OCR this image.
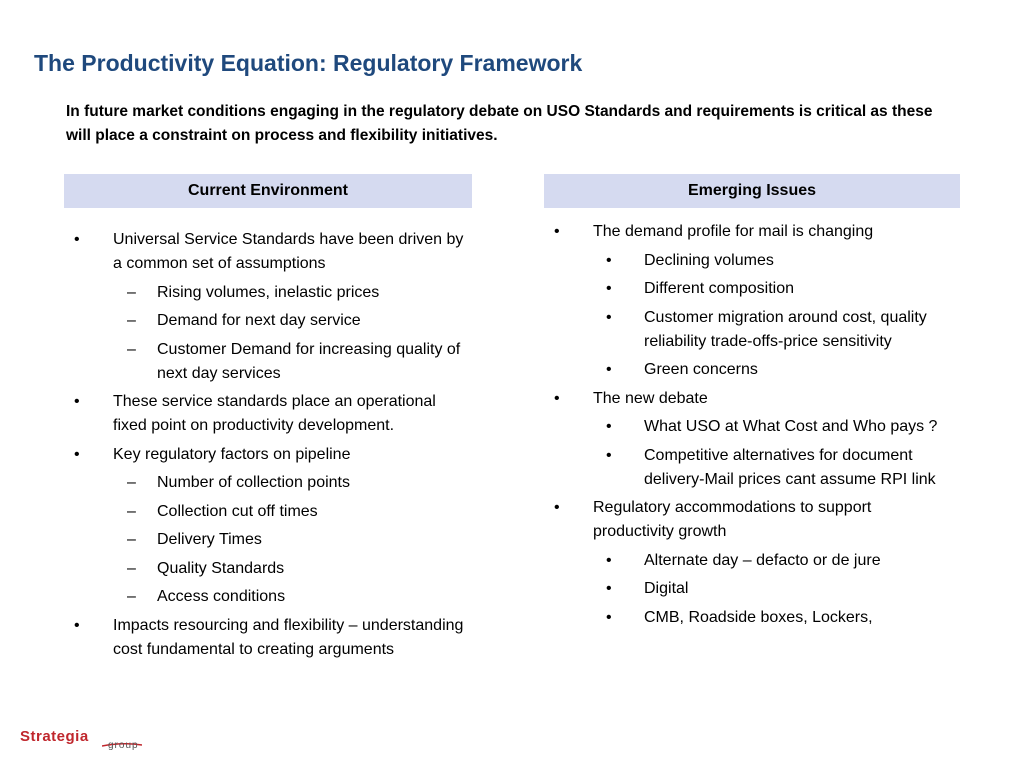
The Productivity Equation: Regulatory Framework
In future market conditions engaging in the regulatory debate on USO Standards and requirements is critical as these will place a constraint on process and flexibility initiatives.
Current Environment	Emerging Issues
• Universal Service Standards have been driven by a common set of assumptions
– Rising volumes, inelastic prices
– Demand for next day service
– Customer Demand for increasing quality of next day services
• These service standards place an operational fixed point on productivity development.
• Key regulatory factors on pipeline
– Number of collection points
– Collection cut off times
– Delivery Times
– Quality Standards
– Access conditions
• Impacts resourcing and flexibility – understanding cost fundamental to creating arguments
• The demand profile for mail is changing
• Declining volumes
• Different composition
• Customer migration around cost, quality reliability trade-offs-price sensitivity
• Green concerns
• The new debate
• What USO at What Cost and Who pays ?
• Competitive alternatives for document delivery-Mail prices cant assume RPI link
• Regulatory accommodations to support productivity growth
• Alternate day – defacto or de jure
• Digital
• CMB, Roadside boxes, Lockers,
Strategia
group
